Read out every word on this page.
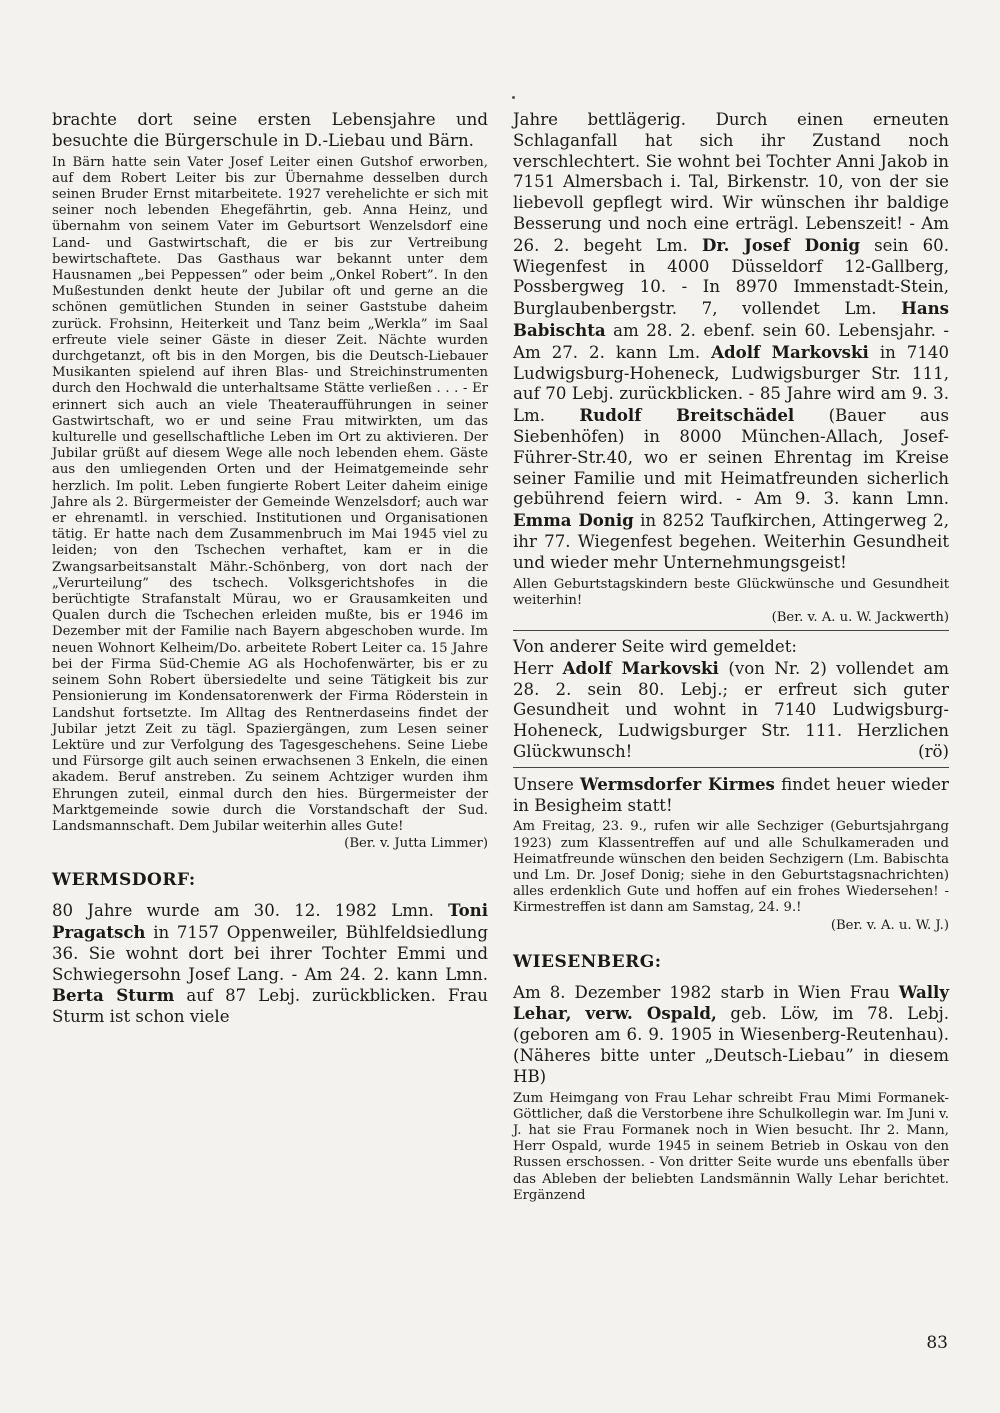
brachte dort seine ersten Lebensjahre und besuchte die Bürgerschule in D.-Liebau und Bärn.

In Bärn hatte sein Vater Josef Leiter einen Gutshof erworben, auf dem Robert Leiter bis zur Übernahme desselben durch seinen Bruder Ernst mitarbeitete. 1927 verehelichte er sich mit seiner noch lebenden Ehegefährtin, geb. Anna Heinz, und übernahm von seinem Vater im Geburtsort Wenzelsdorf eine Land- und Gastwirtschaft, die er bis zur Vertreibung bewirtschaftete. Das Gasthaus war bekannt unter dem Hausnamen „bei Peppessen” oder beim „Onkel Robert”. In den Mußestunden denkt heute der Jubilar oft und gerne an die schönen gemütlichen Stunden in seiner Gaststube daheim zurück. Frohsinn, Heiterkeit und Tanz beim „Werkla” im Saal erfreute viele seiner Gäste in dieser Zeit. Nächte wurden durchgetanzt, oft bis in den Morgen, bis die Deutsch-Liebauer Musikanten spielend auf ihren Blas- und Streichinstrumenten durch den Hochwald die unterhaltsame Stätte verließen . . . - Er erinnert sich auch an viele Theateraufführungen in seiner Gastwirtschaft, wo er und seine Frau mitwirkten, um das kulturelle und gesellschaftliche Leben im Ort zu aktivieren. Der Jubilar grüßt auf diesem Wege alle noch lebenden ehem. Gäste aus den umliegenden Orten und der Heimatgemeinde sehr herzlich. Im polit. Leben fungierte Robert Leiter daheim einige Jahre als 2. Bürgermeister der Gemeinde Wenzelsdorf; auch war er ehrenamtl. in verschied. Institutionen und Organisationen tätig. Er hatte nach dem Zusammenbruch im Mai 1945 viel zu leiden; von den Tschechen verhaftet, kam er in die Zwangsarbeitsanstalt Mähr.-Schönberg, von dort nach der „Verurteilung” des tschech. Volksgerichtshofes in die berüchtigte Strafanstalt Mürau, wo er Grausamkeiten und Qualen durch die Tschechen erleiden mußte, bis er 1946 im Dezember mit der Familie nach Bayern abgeschoben wurde. Im neuen Wohnort Kelheim/Do. arbeitete Robert Leiter ca. 15 Jahre bei der Firma Süd-Chemie AG als Hochofenwärter, bis er zu seinem Sohn Robert übersiedelte und seine Tätigkeit bis zur Pensionierung im Kondensatorenwerk der Firma Röderstein in Landshut fortsetzte. Im Alltag des Rentnerdaseins findet der Jubilar jetzt Zeit zu tägl. Spaziergängen, zum Lesen seiner Lektüre und zur Verfolgung des Tagesgeschehens. Seine Liebe und Fürsorge gilt auch seinen erwachsenen 3 Enkeln, die einen akadem. Beruf anstreben. Zu seinem Achtziger wurden ihm Ehrungen zuteil, einmal durch den hies. Bürgermeister der Marktgemeinde sowie durch die Vorstandschaft der Sud. Landsmannschaft. Dem Jubilar weiterhin alles Gute!

(Ber. v. Jutta Limmer)

WERMSDORF:

80 Jahre wurde am 30. 12. 1982 Lmn. Toni Pragatsch in 7157 Oppenweiler, Bühlfeldsiedlung 36. Sie wohnt dort bei ihrer Tochter Emmi und Schwiegersohn Josef Lang. - Am 24. 2. kann Lmn. Berta Sturm auf 87 Lebj. zurückblicken. Frau Sturm ist schon viele

Jahre bettlägerig. Durch einen erneuten Schlaganfall hat sich ihr Zustand noch verschlechtert. Sie wohnt bei Tochter Anni Jakob in 7151 Almersbach i. Tal, Birkenstr. 10, von der sie liebevoll gepflegt wird. Wir wünschen ihr baldige Besserung und noch eine erträgl. Lebenszeit! - Am 26. 2. begeht Lm. Dr. Josef Donig sein 60. Wiegenfest in 4000 Düsseldorf 12-Gallberg, Possbergweg 10. - In 8970 Immenstadt-Stein, Burglaubenbergstr. 7, vollendet Lm. Hans Babischta am 28. 2. ebenf. sein 60. Lebensjahr. - Am 27. 2. kann Lm. Adolf Markovski in 7140 Ludwigsburg-Hoheneck, Ludwigsburger Str. 111, auf 70 Lebj. zurückblicken. - 85 Jahre wird am 9. 3. Lm. Rudolf Breitschädel (Bauer aus Siebenhöfen) in 8000 München-Allach, Josef-Führer-Str.40, wo er seinen Ehrentag im Kreise seiner Familie und mit Heimatfreunden sicherlich gebührend feiern wird. - Am 9. 3. kann Lmn. Emma Donig in 8252 Taufkirchen, Attingerweg 2, ihr 77. Wiegenfest begehen. Weiterhin Gesundheit und wieder mehr Unternehmungsgeist!

Allen Geburtstagskindern beste Glückwünsche und Gesundheit weiterhin!

(Ber. v. A. u. W. Jackwerth)

Von anderer Seite wird gemeldet:
Herr Adolf Markovski (von Nr. 2) vollendet am 28. 2. sein 80. Lebj.; er erfreut sich guter Gesundheit und wohnt in 7140 Ludwigsburg-Hoheneck, Ludwigsburger Str. 111. Herzlichen Glückwunsch!	(rö)

Unsere Wermsdorfer Kirmes findet heuer wieder in Besigheim statt!

Am Freitag, 23. 9., rufen wir alle Sechziger (Geburtsjahrgang 1923) zum Klassentreffen auf und alle Schulkameraden und Heimatfreunde wünschen den beiden Sechzigern (Lm. Babischta und Lm. Dr. Josef Donig; siehe in den Geburtstagsnachrichten) alles erdenklich Gute und hoffen auf ein frohes Wiedersehen! - Kirmestreffen ist dann am Samstag, 24. 9.!

(Ber. v. A. u. W. J.)

WIESENBERG:

Am 8. Dezember 1982 starb in Wien Frau Wally Lehar, verw. Ospald, geb. Löw, im 78. Lebj. (geboren am 6. 9. 1905 in Wiesenberg-Reutenhau). (Näheres bitte unter „Deutsch-Liebau” in diesem HB)

Zum Heimgang von Frau Lehar schreibt Frau Mimi Formanek-Göttlicher, daß die Verstorbene ihre Schulkollegin war. Im Juni v. J. hat sie Frau Formanek noch in Wien besucht. Ihr 2. Mann, Herr Ospald, wurde 1945 in seinem Betrieb in Oskau von den Russen erschossen. - Von dritter Seite wurde uns ebenfalls über das Ableben der beliebten Landsmännin Wally Lehar berichtet. Ergänzend

83
